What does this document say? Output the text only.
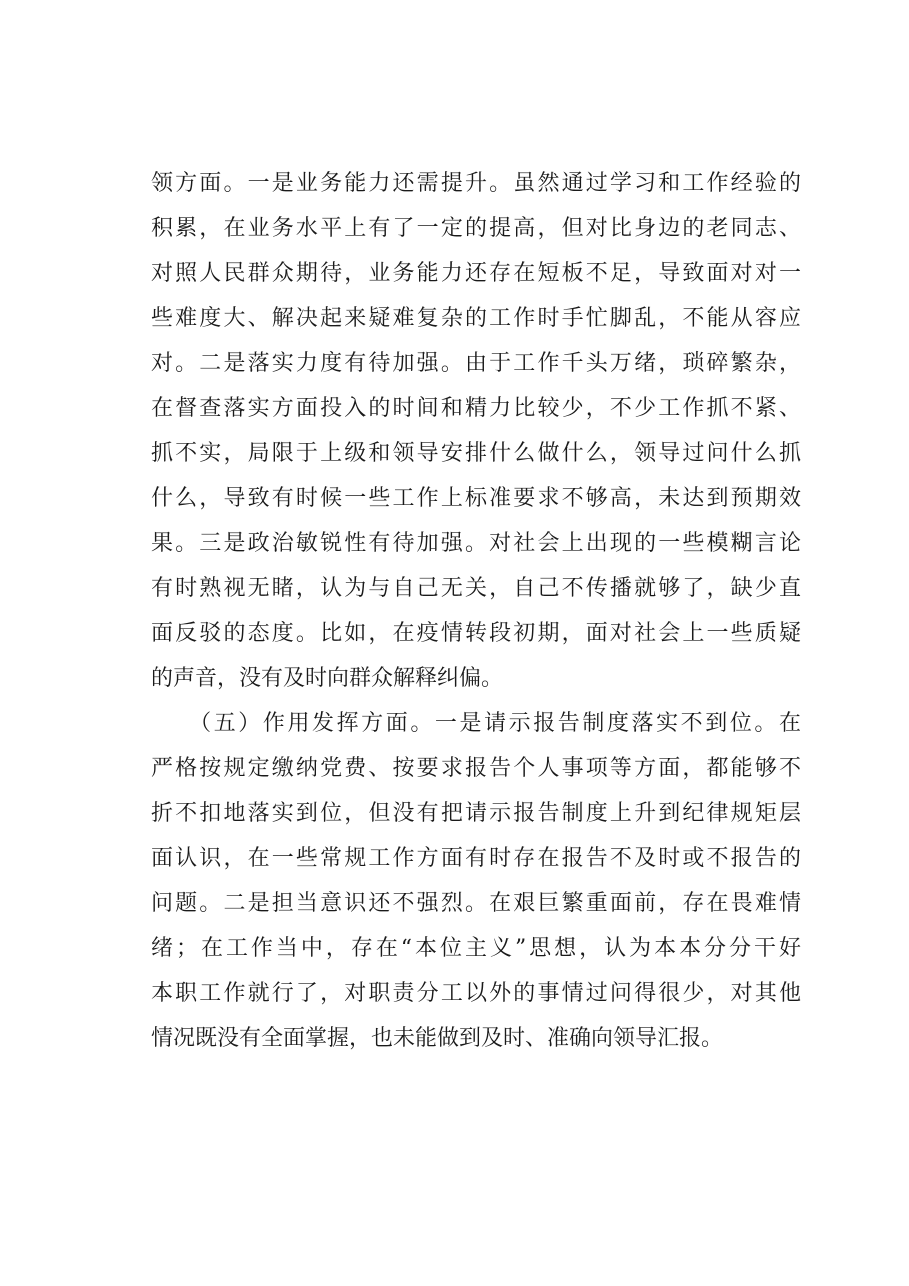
领方面。一是业务能力还需提升。虽然通过学习和工作经验的
积累，在业务水平上有了一定的提高，但对比身边的老同志、
对照人民群众期待，业务能力还存在短板不足，导致面对对一
些难度大、解决起来疑难复杂的工作时手忙脚乱，不能从容应
对。二是落实力度有待加强。由于工作千头万绪，琐碎繁杂，
在督查落实方面投入的时间和精力比较少，不少工作抓不紧、
抓不实，局限于上级和领导安排什么做什么，领导过问什么抓
什么，导致有时候一些工作上标准要求不够高，未达到预期效
果。三是政治敏锐性有待加强。对社会上出现的一些模糊言论
有时熟视无睹，认为与自己无关，自己不传播就够了，缺少直
面反驳的态度。比如，在疫情转段初期，面对社会上一些质疑
的声音，没有及时向群众解释纠偏。
　　（五）作用发挥方面。一是请示报告制度落实不到位。在
严格按规定缴纳党费、按要求报告个人事项等方面，都能够不
折不扣地落实到位，但没有把请示报告制度上升到纪律规矩层
面认识，在一些常规工作方面有时存在报告不及时或不报告的
问题。二是担当意识还不强烈。在艰巨繁重面前，存在畏难情
绪；在工作当中，存在“本位主义”思想，认为本本分分干好
本职工作就行了，对职责分工以外的事情过问得很少，对其他
情况既没有全面掌握，也未能做到及时、准确向领导汇报。
